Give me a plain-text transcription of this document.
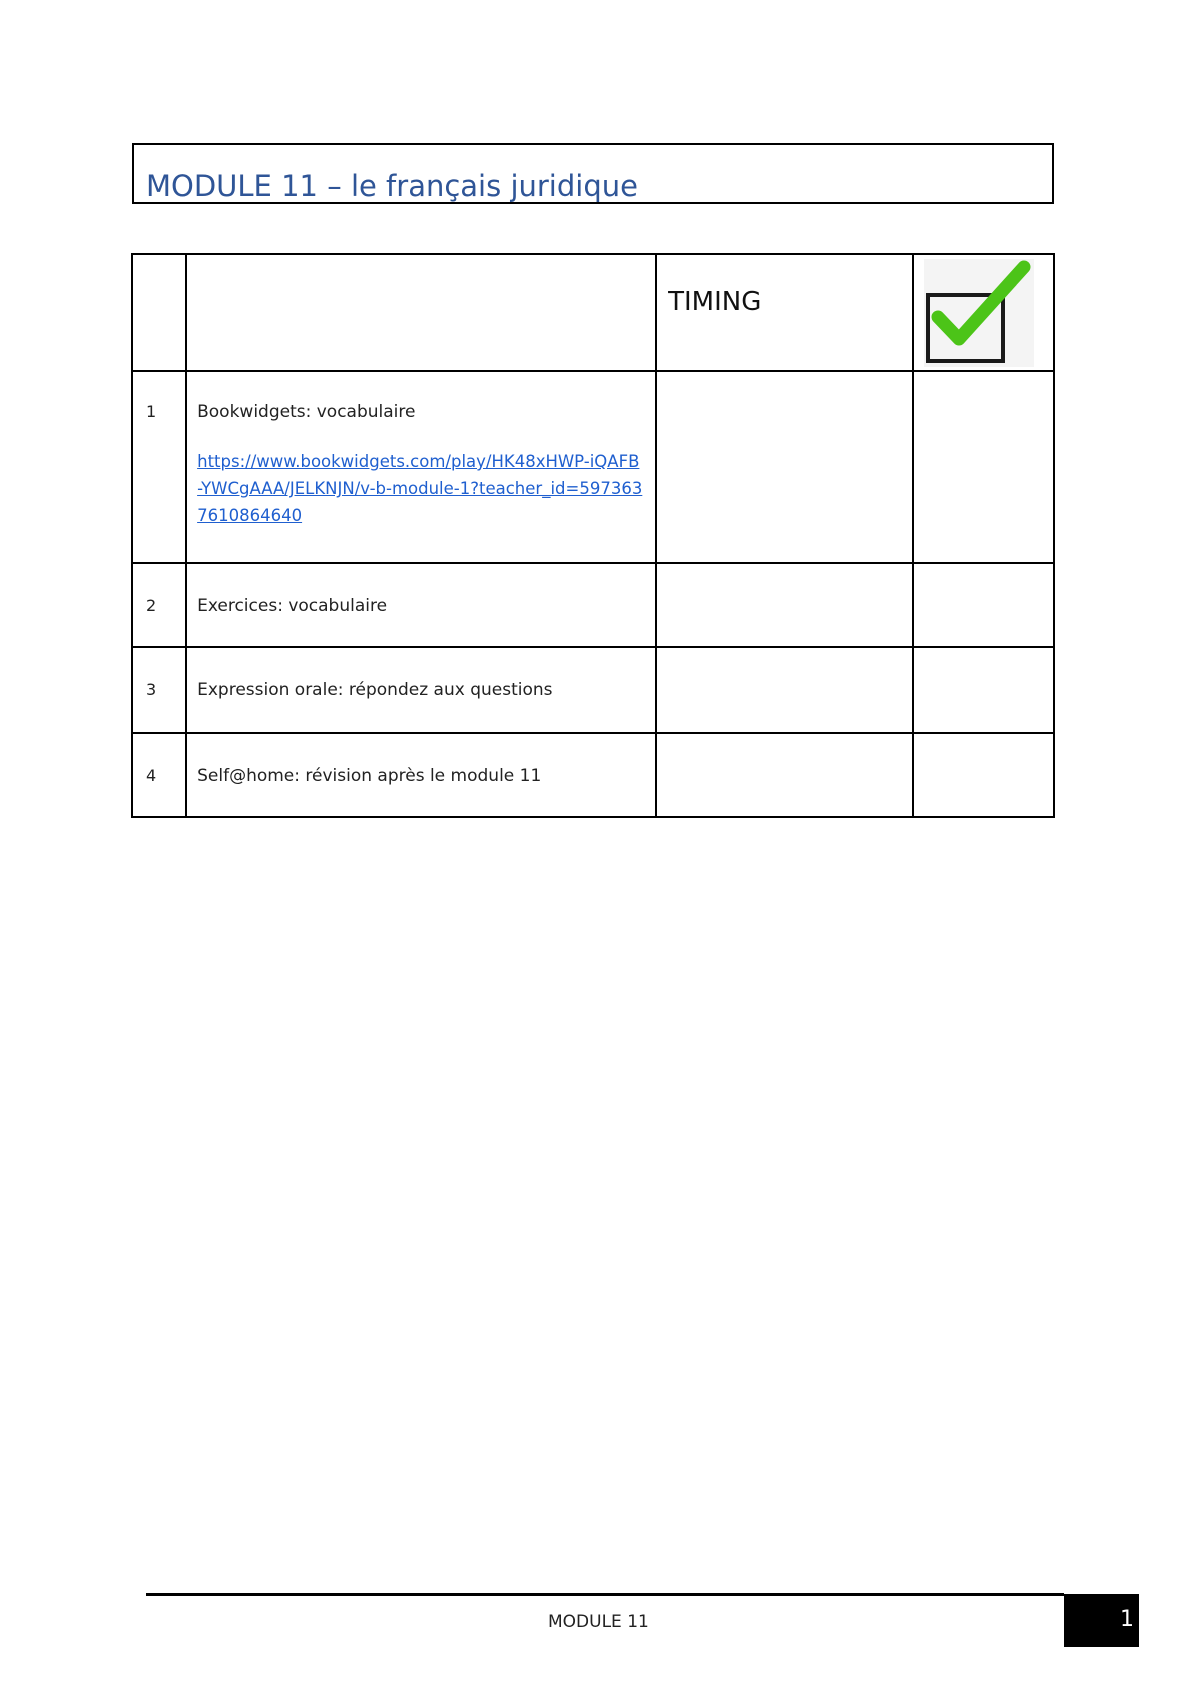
MODULE 11 – le français juridique

		TIMING

1	Bookwidgets: vocabulaire
https://www.bookwidgets.com/play/HK48xHWP-iQAFB-YWCgAAA/JELKNJN/v-b-module-1?teacher_id=5973637610864640		

2	Exercices: vocabulaire		

3	Expression orale: répondez aux questions		

4	Self@home: révision après le module 11		

MODULE 11	1
